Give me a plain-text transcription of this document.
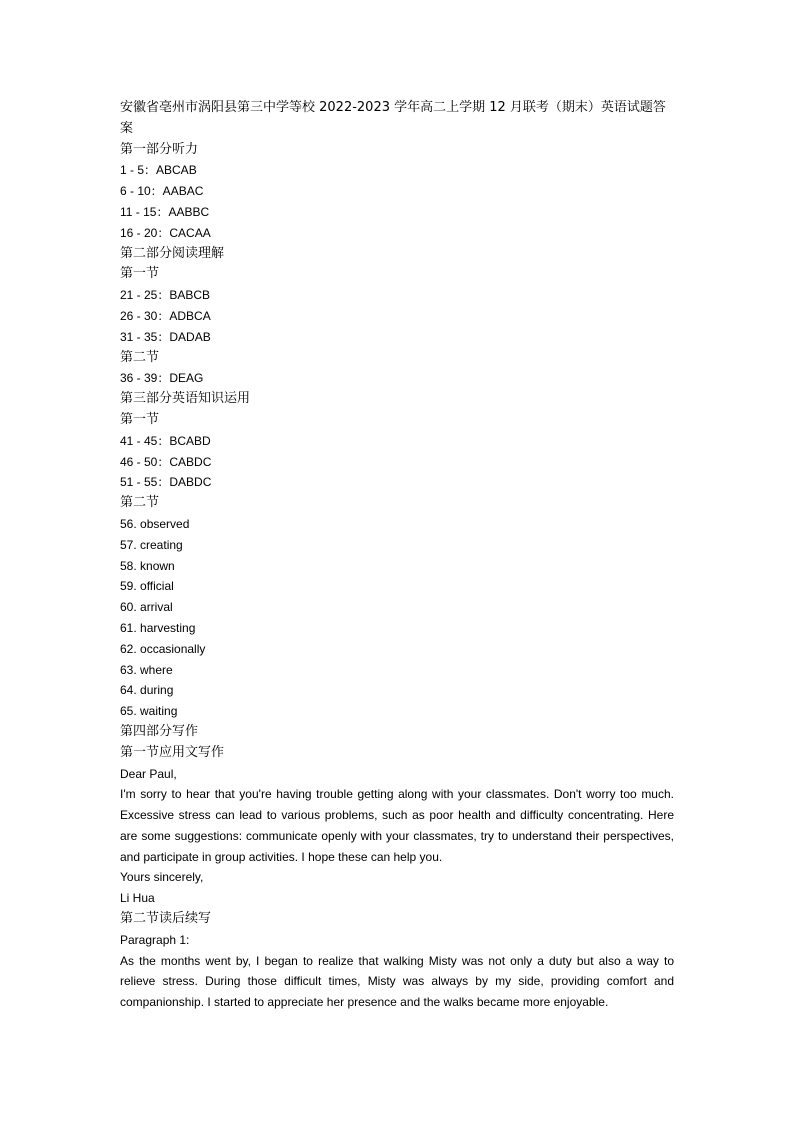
安徽省亳州市涡阳县第三中学等校 2022-2023 学年高二上学期 12 月联考（期末）英语试题答案
第一部分听力
1 - 5：ABCAB
6 - 10：AABAC
11 - 15：AABBC
16 - 20：CACAA
第二部分阅读理解
第一节
21 - 25：BABCB
26 - 30：ADBCA
31 - 35：DADAB
第二节
36 - 39：DEAG
第三部分英语知识运用
第一节
41 - 45：BCABD
46 - 50：CABDC
51 - 55：DABDC
第二节
56. observed
57. creating
58. known
59. official
60. arrival
61. harvesting
62. occasionally
63. where
64. during
65. waiting
第四部分写作
第一节应用文写作
Dear Paul,
I'm sorry to hear that you're having trouble getting along with your classmates. Don't worry too much. Excessive stress can lead to various problems, such as poor health and difficulty concentrating. Here are some suggestions: communicate openly with your classmates, try to understand their perspectives, and participate in group activities. I hope these can help you.
Yours sincerely,
Li Hua
第二节读后续写
Paragraph 1:
As the months went by, I began to realize that walking Misty was not only a duty but also a way to relieve stress. During those difficult times, Misty was always by my side, providing comfort and companionship. I started to appreciate her presence and the walks became more enjoyable.
